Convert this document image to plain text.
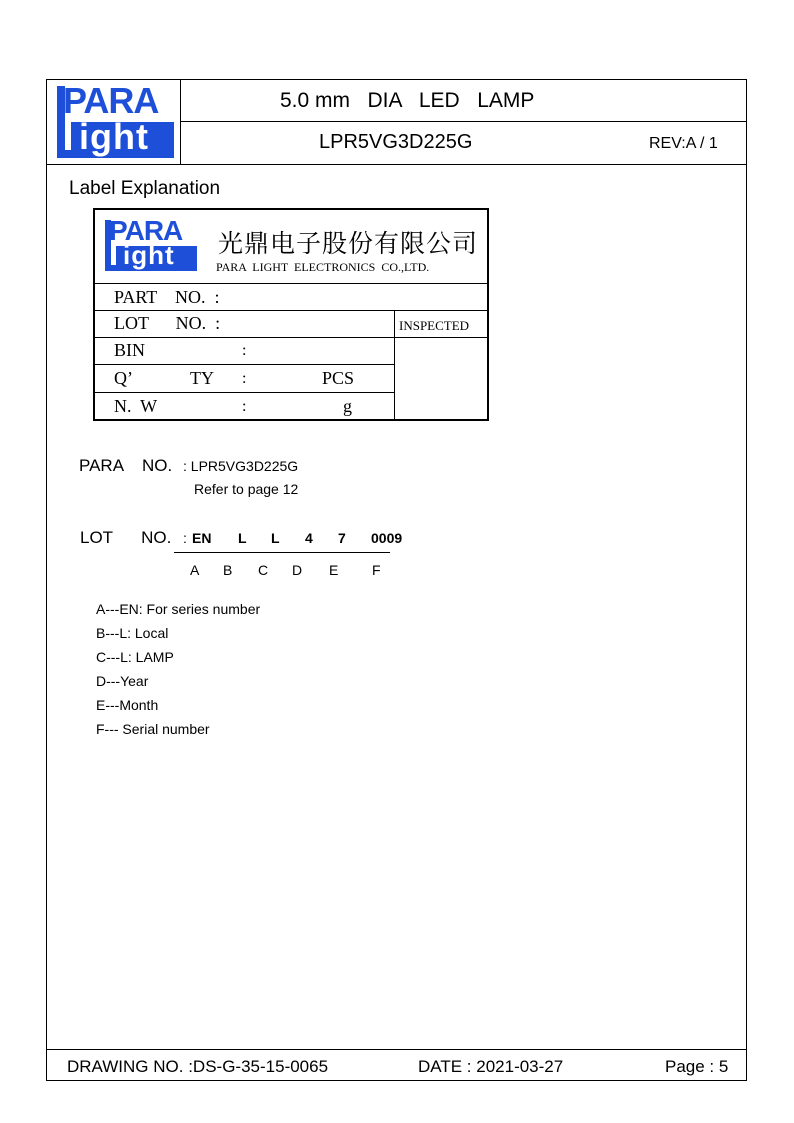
PARA
ight
5.0 mm   DIA   LED   LAMP
LPR5VG3D225G	REV:A / 1
Label Explanation
PARA
ight 光鼎电子股份有限公司
PARA  LIGHT  ELECTRONICS  CO.,LTD.
PART    NO.  :
LOT      NO.  :	INSPECTED
BIN	:
Q’	TY :	PCS
N.  W	:	g
PARA    NO. : LPR5VG3D225G
Refer to page 12
LOT      NO. : EN L L 4 7 0009
A B C D E F
A---EN: For series number
B---L: Local
C---L: LAMP
D---Year
E---Month
F--- Serial number
DRAWING NO. :DS-G-35-15-0065	DATE : 2021-03-27	Page : 5
